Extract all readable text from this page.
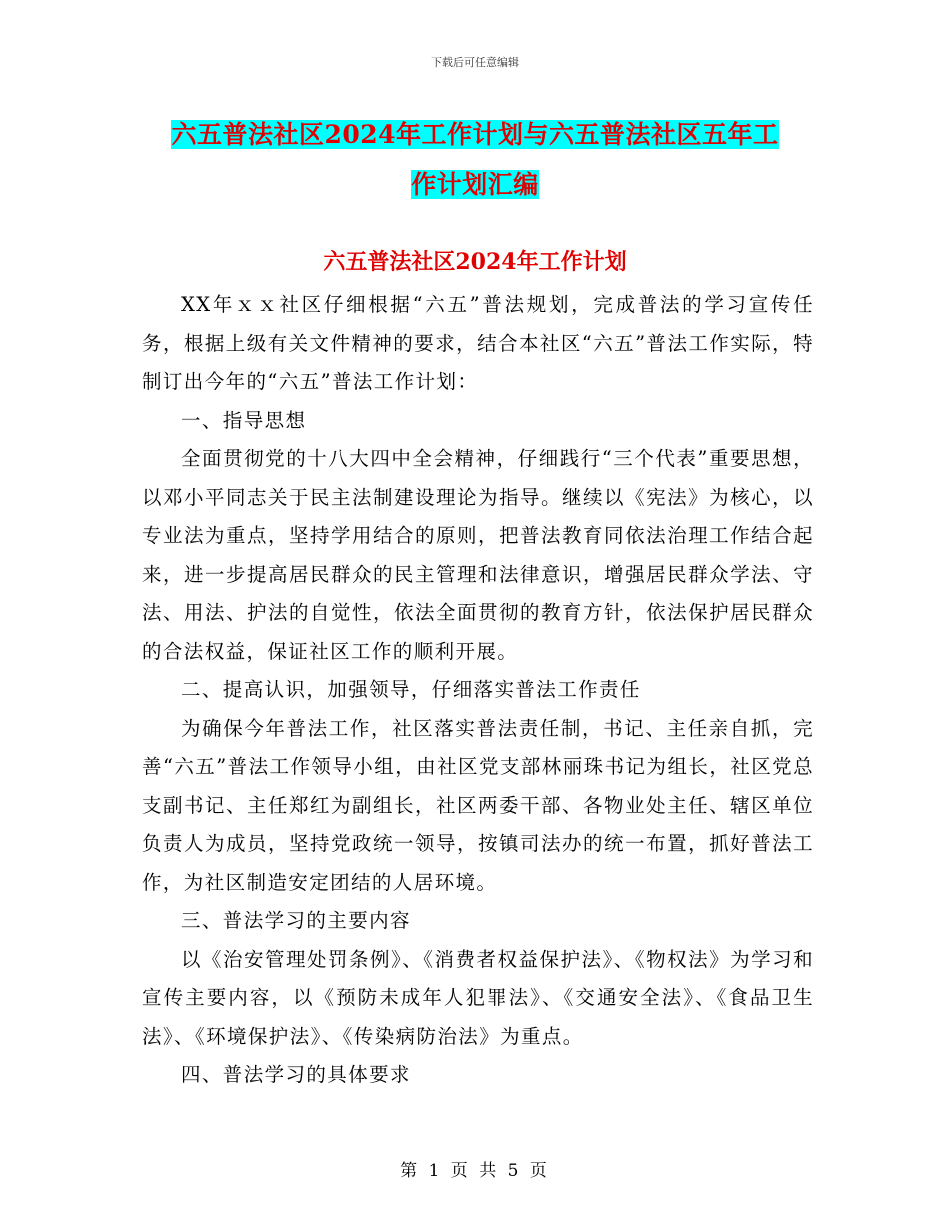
下载后可任意编辑
六五普法社区2024年工作计划与六五普法社区五年工
作计划汇编
六五普法社区2024年工作计划

XX年ｘｘ社区仔细根据“六五”普法规划，完成普法的学习宣传任务，根据上级有关文件精神的要求，结合本社区“六五”普法工作实际，特制订出今年的“六五”普法工作计划：

一、指导思想

全面贯彻党的十八大四中全会精神，仔细践行“三个代表”重要思想，以邓小平同志关于民主法制建设理论为指导。继续以《宪法》为核心，以专业法为重点，坚持学用结合的原则，把普法教育同依法治理工作结合起来，进一步提高居民群众的民主管理和法律意识，增强居民群众学法、守法、用法、护法的自觉性，依法全面贯彻的教育方针，依法保护居民群众的合法权益，保证社区工作的顺利开展。

二、提高认识，加强领导，仔细落实普法工作责任

为确保今年普法工作，社区落实普法责任制，书记、主任亲自抓，完善“六五”普法工作领导小组，由社区党支部林丽珠书记为组长，社区党总支副书记、主任郑红为副组长，社区两委干部、各物业处主任、辖区单位负责人为成员，坚持党政统一领导，按镇司法办的统一布置，抓好普法工作，为社区制造安定团结的人居环境。

三、普法学习的主要内容

以《治安管理处罚条例》、《消费者权益保护法》、《物权法》为学习和宣传主要内容，以《预防未成年人犯罪法》、《交通安全法》、《食品卫生法》、《环境保护法》、《传染病防治法》为重点。

四、普法学习的具体要求

第 1 页 共 5 页
